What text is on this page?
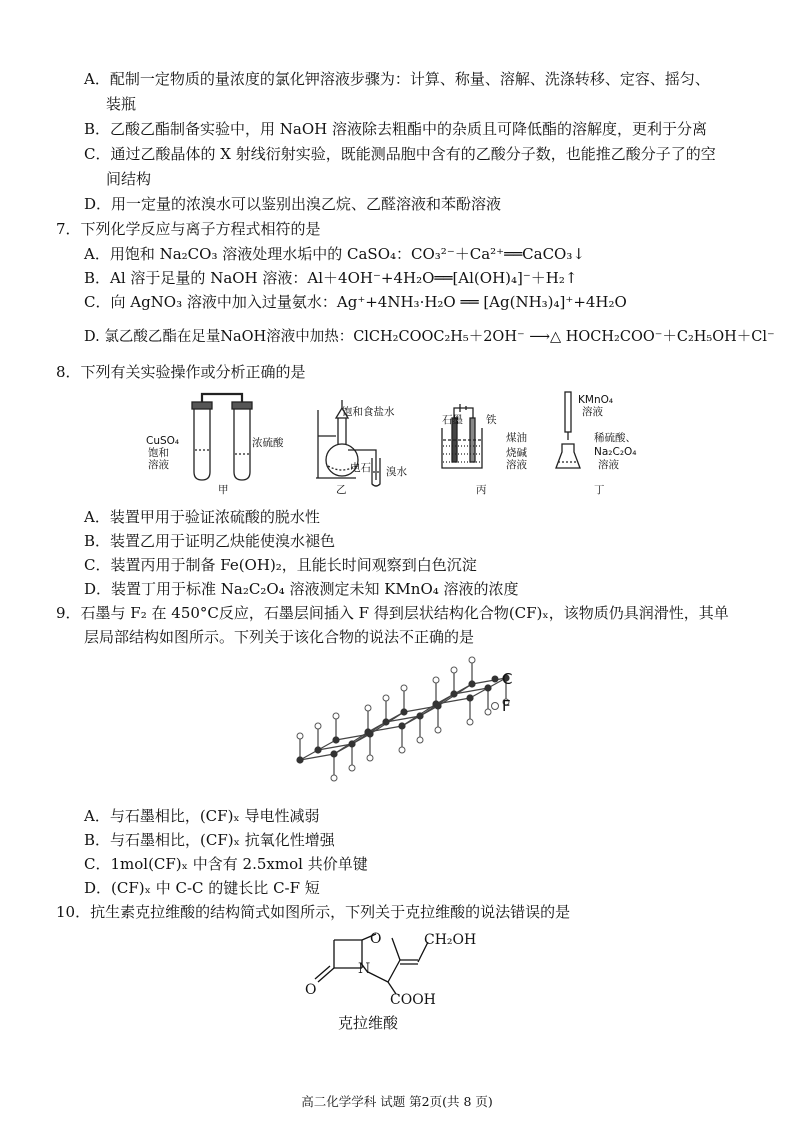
A．配制一定物质的量浓度的氯化钾溶液步骤为：计算、称量、溶解、洗涤转移、定容、摇匀、
装瓶
B．乙酸乙酯制备实验中，用 NaOH 溶液除去粗酯中的杂质且可降低酯的溶解度，更利于分离
C．通过乙酸晶体的 X 射线衍射实验，既能测品胞中含有的乙酸分子数，也能推乙酸分子了的空
间结构
D．用一定量的浓溴水可以鉴别出溴乙烷、乙醛溶液和苯酚溶液
7．下列化学反应与离子方程式相符的是
A．用饱和 Na₂CO₃ 溶液处理水垢中的 CaSO₄：CO₃²⁻＋Ca²⁺══CaCO₃↓
B．Al 溶于足量的 NaOH 溶液：Al＋4OH⁻+4H₂O══[Al(OH)₄]⁻＋H₂↑
C．向 AgNO₃ 溶液中加入过量氨水：Ag⁺+4NH₃·H₂O ══ [Ag(NH₃)₄]⁺+4H₂O
D. 氯乙酸乙酯在足量NaOH溶液中加热：ClCH₂COOC₂H₅＋2OH⁻ ⟶△ HOCH₂COO⁻＋C₂H₅OH＋Cl⁻
8．下列有关实验操作或分析正确的是
CuSO₄
饱和
溶液
浓硫酸
甲
饱和食盐水
电石 溴水
乙
石墨 铁
煤油
烧碱
溶液
丙
KMnO₄
溶液
稀硫酸、
Na₂C₂O₄
溶液
丁
A．装置甲用于验证浓硫酸的脱水性
B．装置乙用于证明乙炔能使溴水褪色
C．装置丙用于制备 Fe(OH)₂，且能长时间观察到白色沉淀
D．装置丁用于标准 Na₂C₂O₄ 溶液测定未知 KMnO₄ 溶液的浓度
9．石墨与 F₂ 在 450°C反应，石墨层间插入 F 得到层状结构化合物(CF)ₓ，该物质仍具润滑性，其单
层局部结构如图所示。下列关于该化合物的说法不正确的是
C
F
A．与石墨相比，(CF)ₓ 导电性减弱
B．与石墨相比，(CF)ₓ 抗氧化性增强
C．1mol(CF)ₓ 中含有 2.5xmol 共价单键
D．(CF)ₓ 中 C-C 的键长比 C-F 短
10．抗生素克拉维酸的结构简式如图所示，下列关于克拉维酸的说法错误的是
O
N
O
CH₂OH
COOH
克拉维酸
高二化学学科 试题 第2页(共 8 页)
